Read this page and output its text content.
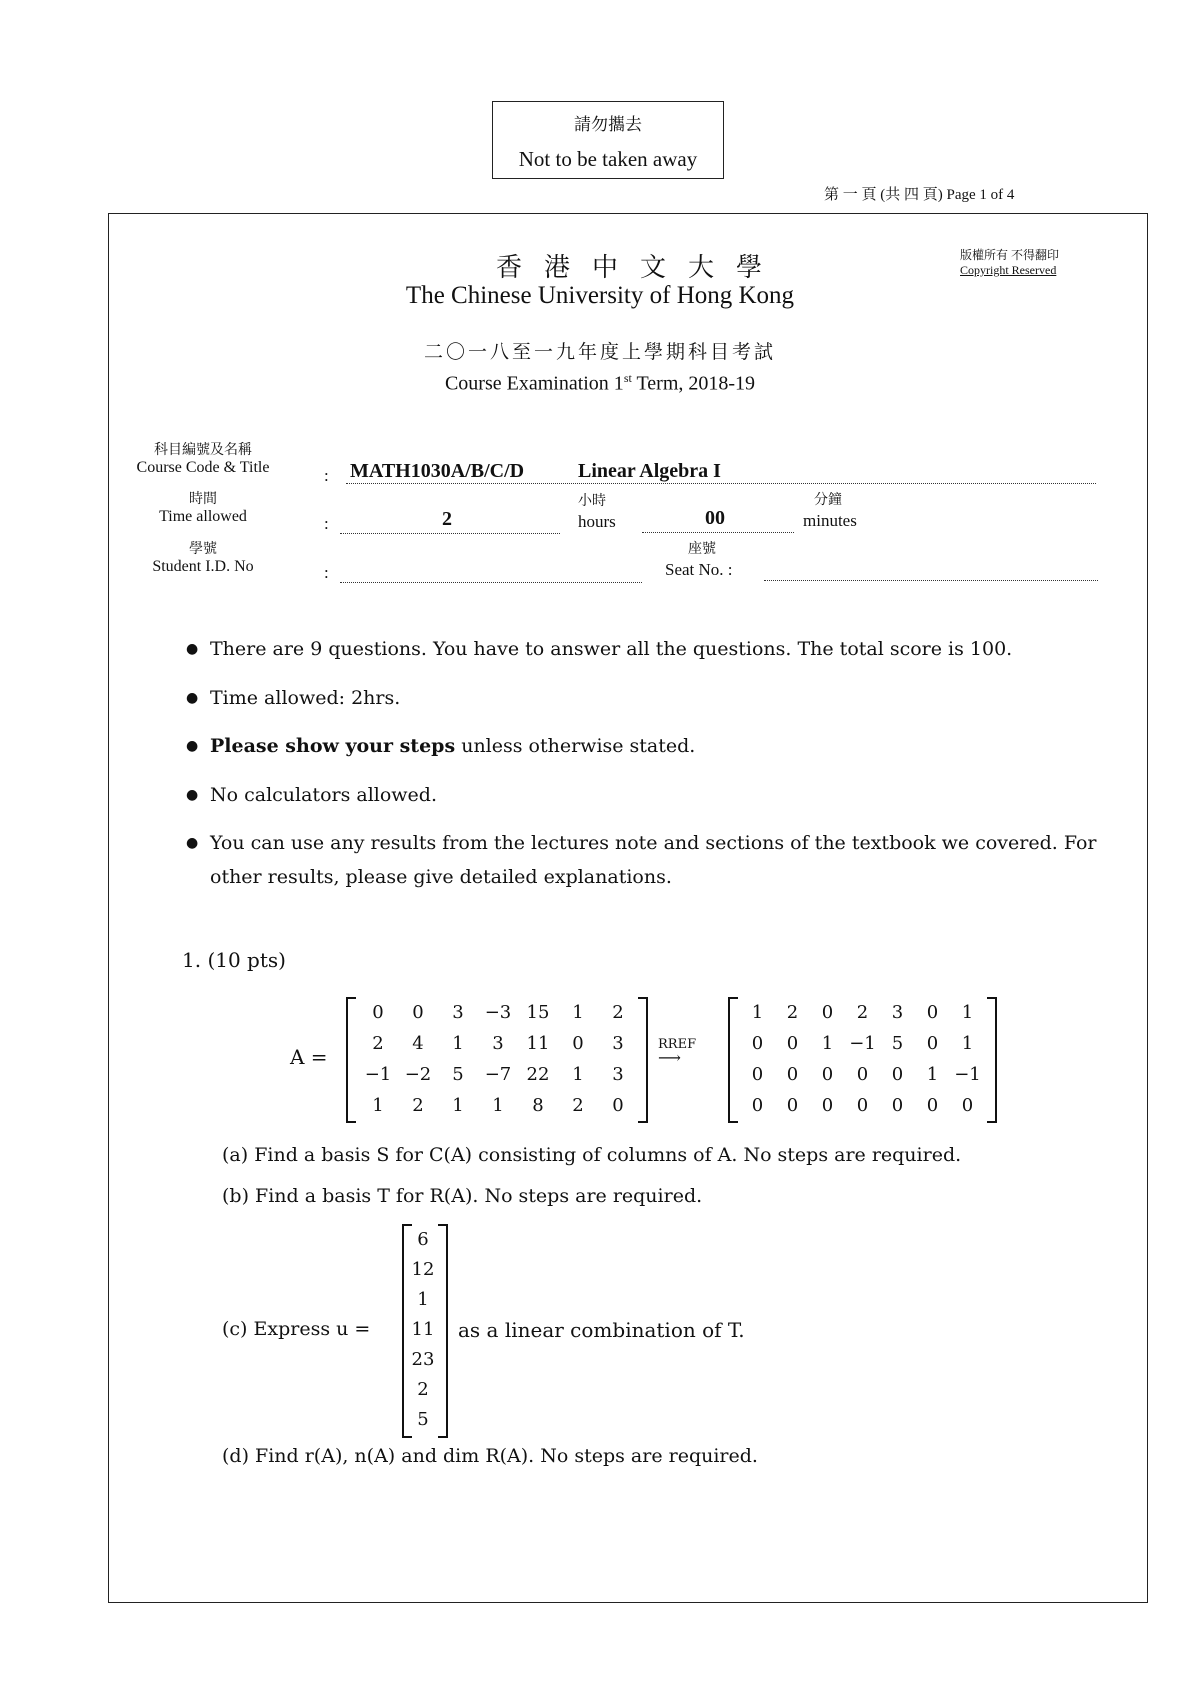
請勿攜去
Not to be taken away
第 一 頁 (共 四 頁) Page 1 of 4
香港中文大學
The Chinese University of Hong Kong
版權所有 不得翻印
Copyright Reserved
二〇一八至一九年度上學期科目考試
Course Examination 1st Term, 2018-19
科目編號及名稱
Course Code & Title	: MATH1030A/B/C/D	Linear Algebra I
時間
Time allowed	:	2
小時
hours	00
分鐘
minutes
學號
Student I.D. No	:
座號
Seat No. :
● There are 9 questions. You have to answer all the questions. The total score is 100.
● Time allowed: 2hrs.
● Please show your steps unless otherwise stated.
● No calculators allowed.
● You can use any results from the lectures note and sections of the textbook we covered. For other results, please give detailed explanations.
1. (10 pts)
A =
0	0	3	−3	15	1	2
2	4	1	3	11	0	3
−1	−2	5	−7	22	1	3
1	2	1	1	8	2	0
RREF
⟶
1	2	0	2	3	0	1
0	0	1	−1	5	0	1
0	0	0	0	0	1	−1
0	0	0	0	0	0	0
(a) Find a basis S for C(A) consisting of columns of A. No steps are required.
(b) Find a basis T for R(A). No steps are required.
(c) Express u =
6
12
1
11
23
2
5
as a linear combination of T.
(d) Find r(A), n(A) and dim R(A). No steps are required.
